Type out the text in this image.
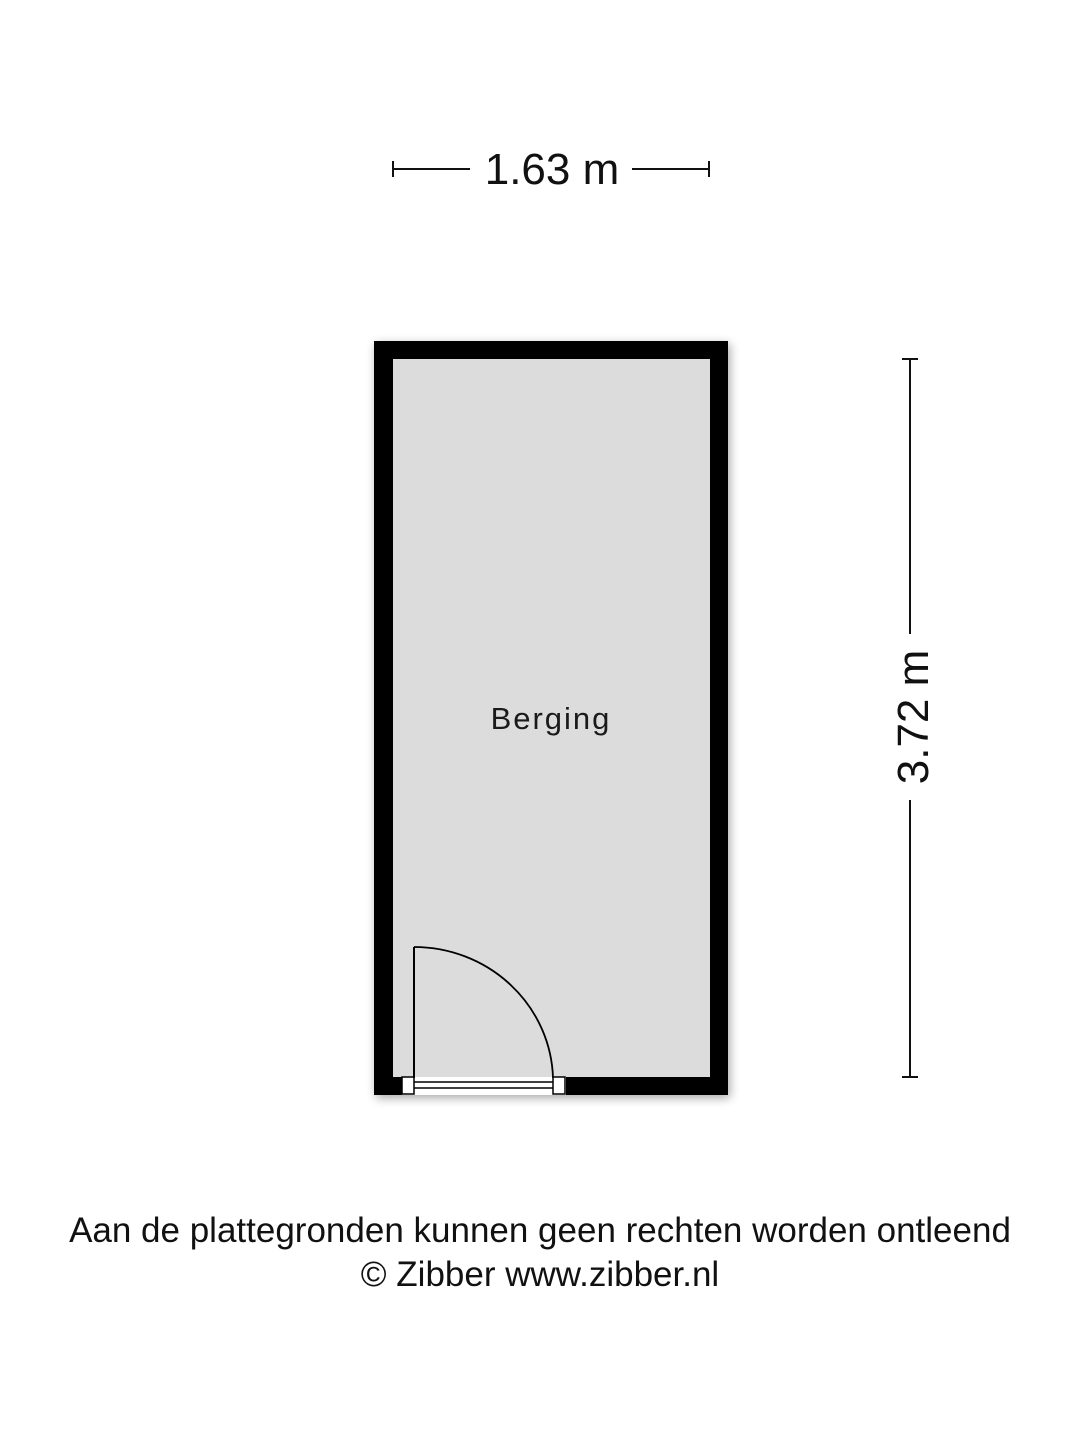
1.63 m
Berging	3.72 m
Aan de plattegronden kunnen geen rechten worden ontleend
© Zibber www.zibber.nl
